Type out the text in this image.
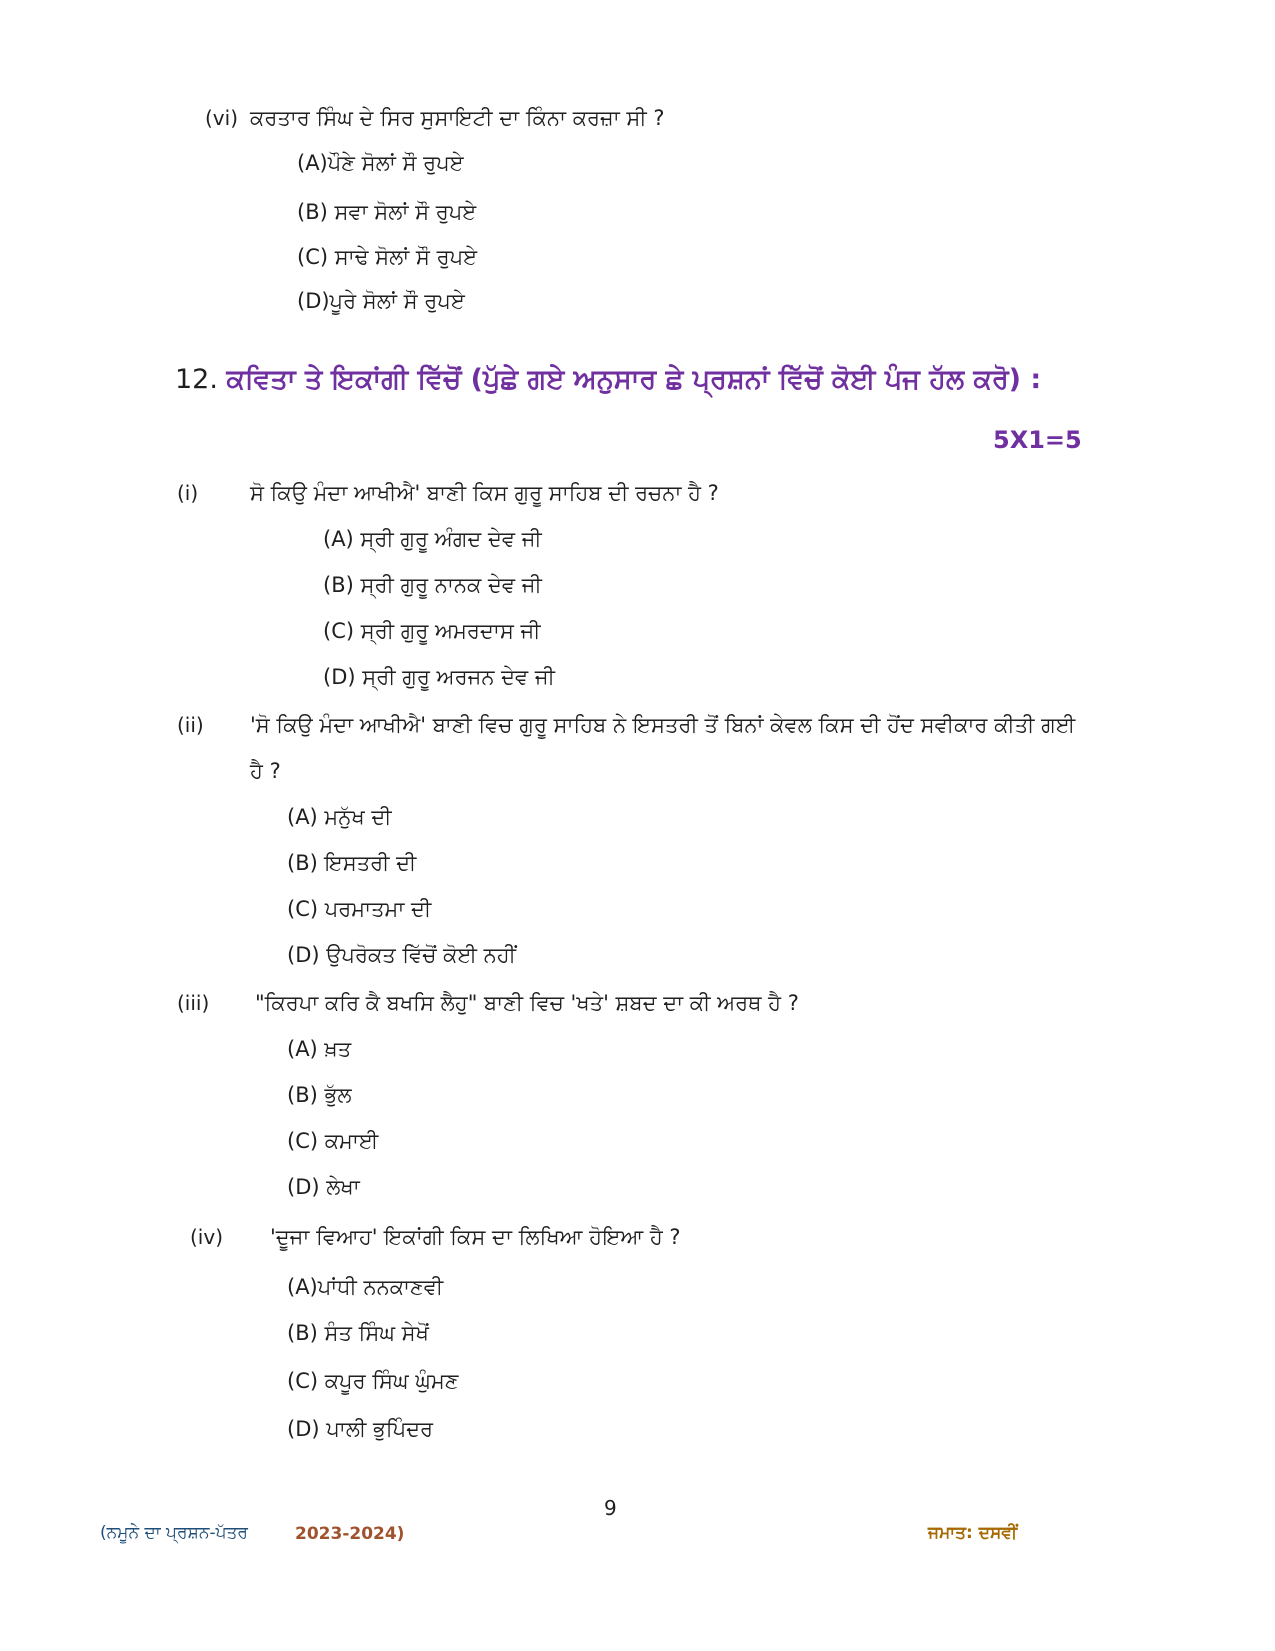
(vi) ਕਰਤਾਰ ਸਿੰਘ ਦੇ ਸਿਰ ਸੁਸਾਇਟੀ ਦਾ ਕਿੰਨਾ ਕਰਜ਼ਾ ਸੀ ?
(A)ਪੌਣੇ ਸੋਲਾਂ ਸੌ ਰੁਪਏ
(B) ਸਵਾ ਸੋਲਾਂ ਸੌ ਰੁਪਏ
(C) ਸਾਢੇ ਸੋਲਾਂ ਸੌ ਰੁਪਏ
(D)ਪੂਰੇ ਸੋਲਾਂ ਸੌ ਰੁਪਏ
12. ਕਵਿਤਾ ਤੇ ਇਕਾਂਗੀ ਵਿੱਚੋਂ (ਪੁੱਛੇ ਗਏ ਅਨੁਸਾਰ ਛੇ ਪ੍ਰਸ਼ਨਾਂ ਵਿੱਚੋਂ ਕੋਈ ਪੰਜ ਹੱਲ ਕਰੋ) :
5X1=5
(i) ਸੋ ਕਿਉ ਮੰਦਾ ਆਖੀਐ' ਬਾਣੀ ਕਿਸ ਗੁਰੂ ਸਾਹਿਬ ਦੀ ਰਚਨਾ ਹੈ ?
(A) ਸ੍ਰੀ ਗੁਰੂ ਅੰਗਦ ਦੇਵ ਜੀ
(B) ਸ੍ਰੀ ਗੁਰੂ ਨਾਨਕ ਦੇਵ ਜੀ
(C) ਸ੍ਰੀ ਗੁਰੂ ਅਮਰਦਾਸ ਜੀ
(D) ਸ੍ਰੀ ਗੁਰੂ ਅਰਜਨ ਦੇਵ ਜੀ
(ii) 'ਸੋ ਕਿਉ ਮੰਦਾ ਆਖੀਐ' ਬਾਣੀ ਵਿਚ ਗੁਰੂ ਸਾਹਿਬ ਨੇ ਇਸਤਰੀ ਤੋਂ ਬਿਨਾਂ ਕੇਵਲ ਕਿਸ ਦੀ ਹੋਂਦ ਸਵੀਕਾਰ ਕੀਤੀ ਗਈ
ਹੈ ?
(A) ਮਨੁੱਖ ਦੀ
(B) ਇਸਤਰੀ ਦੀ
(C) ਪਰਮਾਤਮਾ ਦੀ
(D) ਉਪਰੋਕਤ ਵਿੱਚੋਂ ਕੋਈ ਨਹੀਂ
(iii) "ਕਿਰਪਾ ਕਰਿ ਕੈ ਬਖਸਿ ਲੈਹੁ" ਬਾਣੀ ਵਿਚ 'ਖਤੇ' ਸ਼ਬਦ ਦਾ ਕੀ ਅਰਥ ਹੈ ?
(A) ਖ਼ਤ
(B) ਭੁੱਲ
(C) ਕਮਾਈ
(D) ਲੇਖਾ
(iv) 'ਦੂਜਾ ਵਿਆਹ' ਇਕਾਂਗੀ ਕਿਸ ਦਾ ਲਿਖਿਆ ਹੋਇਆ ਹੈ ?
(A)ਪਾਂਧੀ ਨਨਕਾਣਵੀ
(B) ਸੰਤ ਸਿੰਘ ਸੇਖੋਂ
(C) ਕਪੂਰ ਸਿੰਘ ਘੁੰਮਣ
(D) ਪਾਲੀ ਭੁਪਿੰਦਰ
9
(ਨਮੂਨੇ ਦਾ ਪ੍ਰਸ਼ਨ-ਪੱਤਰ	2023-2024)	ਜਮਾਤ: ਦਸਵੀਂ
